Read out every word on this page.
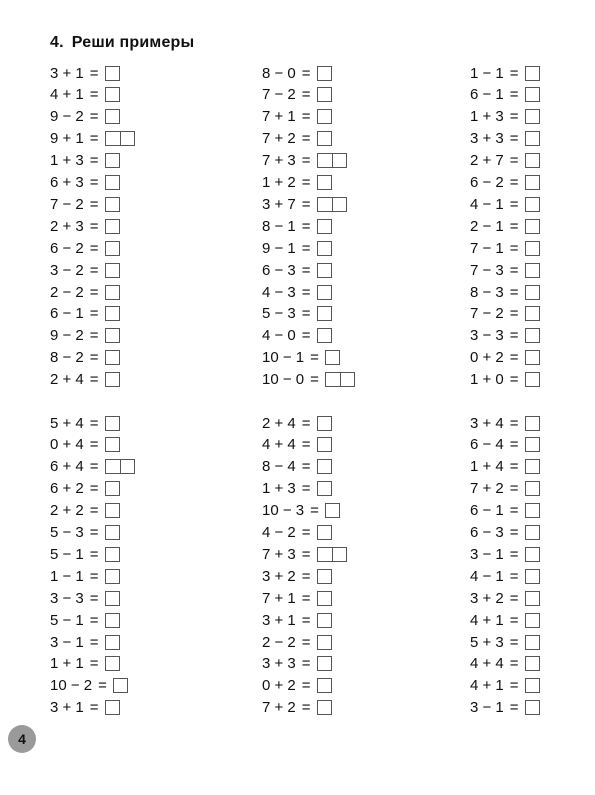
4. Реши примеры
3 + 1 =
4 + 1 =
9 − 2 =
9 + 1 =
1 + 3 =
6 + 3 =
7 − 2 =
2 + 3 =
6 − 2 =
3 − 2 =
2 − 2 =
6 − 1 =
9 − 2 =
8 − 2 =
2 + 4 =
8 − 0 =
7 − 2 =
7 + 1 =
7 + 2 =
7 + 3 =
1 + 2 =
3 + 7 =
8 − 1 =
9 − 1 =
6 − 3 =
4 − 3 =
5 − 3 =
4 − 0 =
10 − 1 =
10 − 0 =
1 − 1 =
6 − 1 =
1 + 3 =
3 + 3 =
2 + 7 =
6 − 2 =
4 − 1 =
2 − 1 =
7 − 1 =
7 − 3 =
8 − 3 =
7 − 2 =
3 − 3 =
0 + 2 =
1 + 0 =
5 + 4 =
0 + 4 =
6 + 4 =
6 + 2 =
2 + 2 =
5 − 3 =
5 − 1 =
1 − 1 =
3 − 3 =
5 − 1 =
3 − 1 =
1 + 1 =
10 − 2 =
3 + 1 =
2 + 4 =
4 + 4 =
8 − 4 =
1 + 3 =
10 − 3 =
4 − 2 =
7 + 3 =
3 + 2 =
7 + 1 =
3 + 1 =
2 − 2 =
3 + 3 =
0 + 2 =
7 + 2 =
3 + 4 =
6 − 4 =
1 + 4 =
7 + 2 =
6 − 1 =
6 − 3 =
3 − 1 =
4 − 1 =
3 + 2 =
4 + 1 =
5 + 3 =
4 + 4 =
4 + 1 =
3 − 1 =
4
